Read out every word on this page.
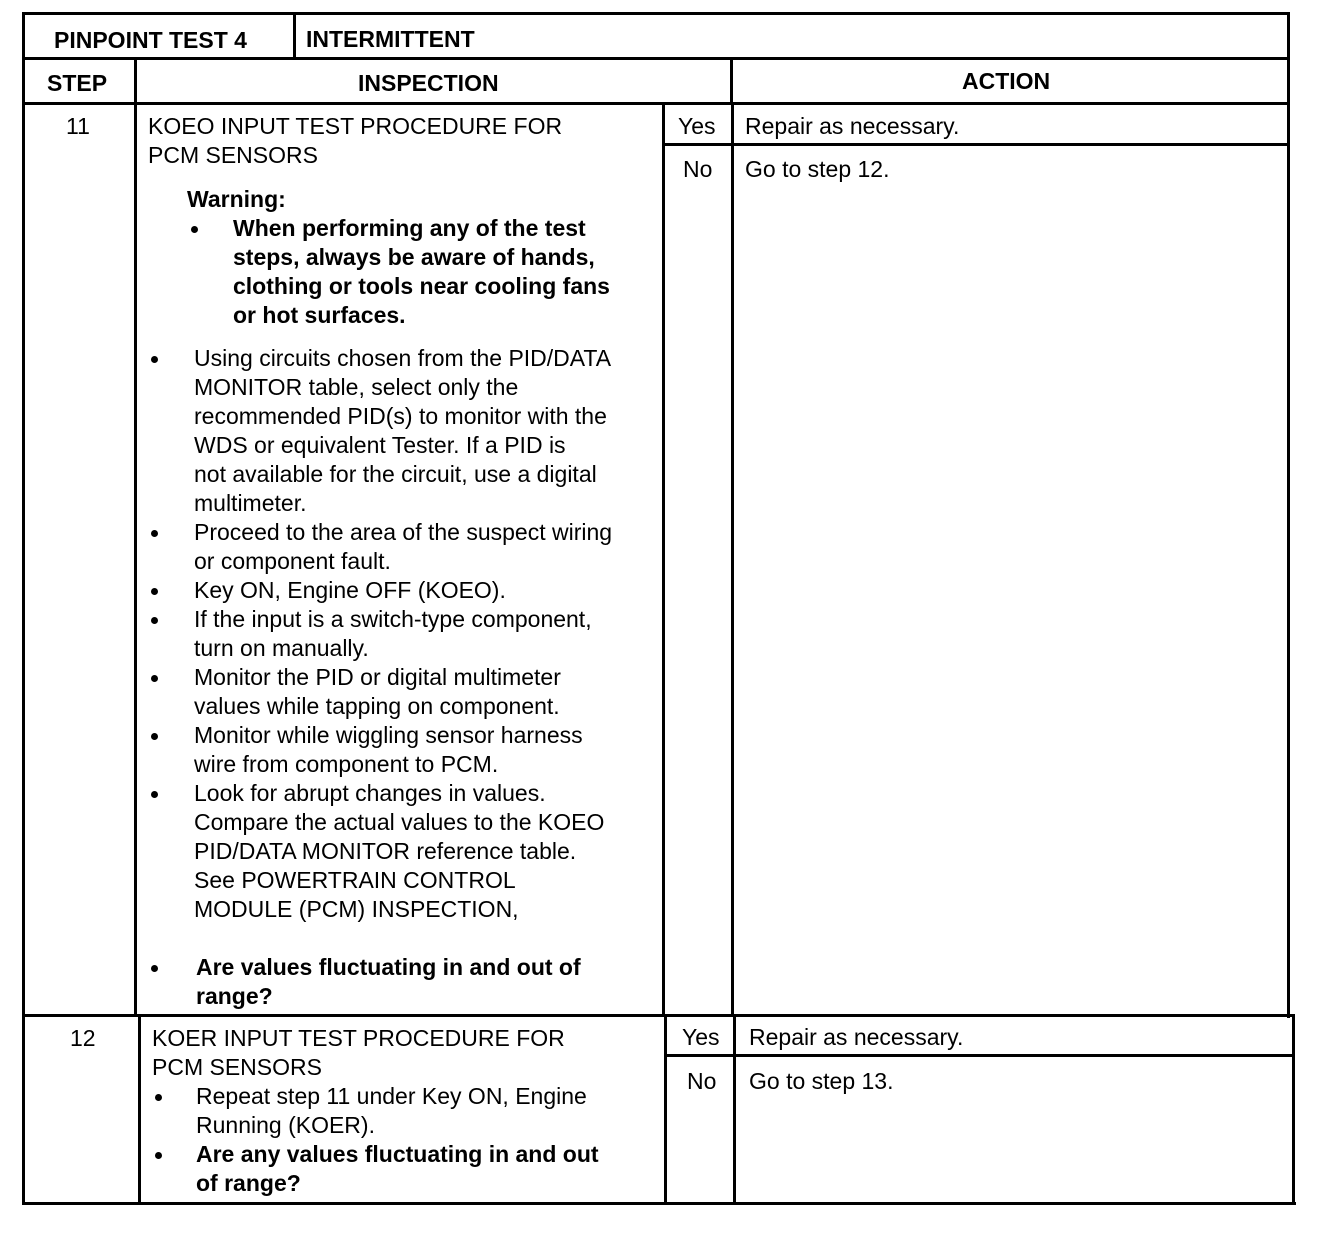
PINPOINT TEST 4	INTERMITTENT
STEP	INSPECTION	ACTION
11	KOEO INPUT TEST PROCEDURE FOR
PCM SENSORS
Warning:
When performing any of the test
steps, always be aware of hands,
clothing or tools near cooling fans
or hot surfaces.
Using circuits chosen from the PID/DATA
MONITOR table, select only the
recommended PID(s) to monitor with the
WDS or equivalent Tester. If a PID is
not available for the circuit, use a digital
multimeter.
Proceed to the area of the suspect wiring
or component fault.
Key ON, Engine OFF (KOEO).
If the input is a switch-type component,
turn on manually.
Monitor the PID or digital multimeter
values while tapping on component.
Monitor while wiggling sensor harness
wire from component to PCM.
Look for abrupt changes in values.
Compare the actual values to the KOEO
PID/DATA MONITOR reference table.
See POWERTRAIN CONTROL
MODULE (PCM) INSPECTION,
Are values fluctuating in and out of
range?
Yes Repair as necessary.
No Go to step 12.
12 KOER INPUT TEST PROCEDURE FOR
PCM SENSORS
Repeat step 11 under Key ON, Engine
Running (KOER).
Are any values fluctuating in and out
of range?
Yes Repair as necessary.
No Go to step 13.
